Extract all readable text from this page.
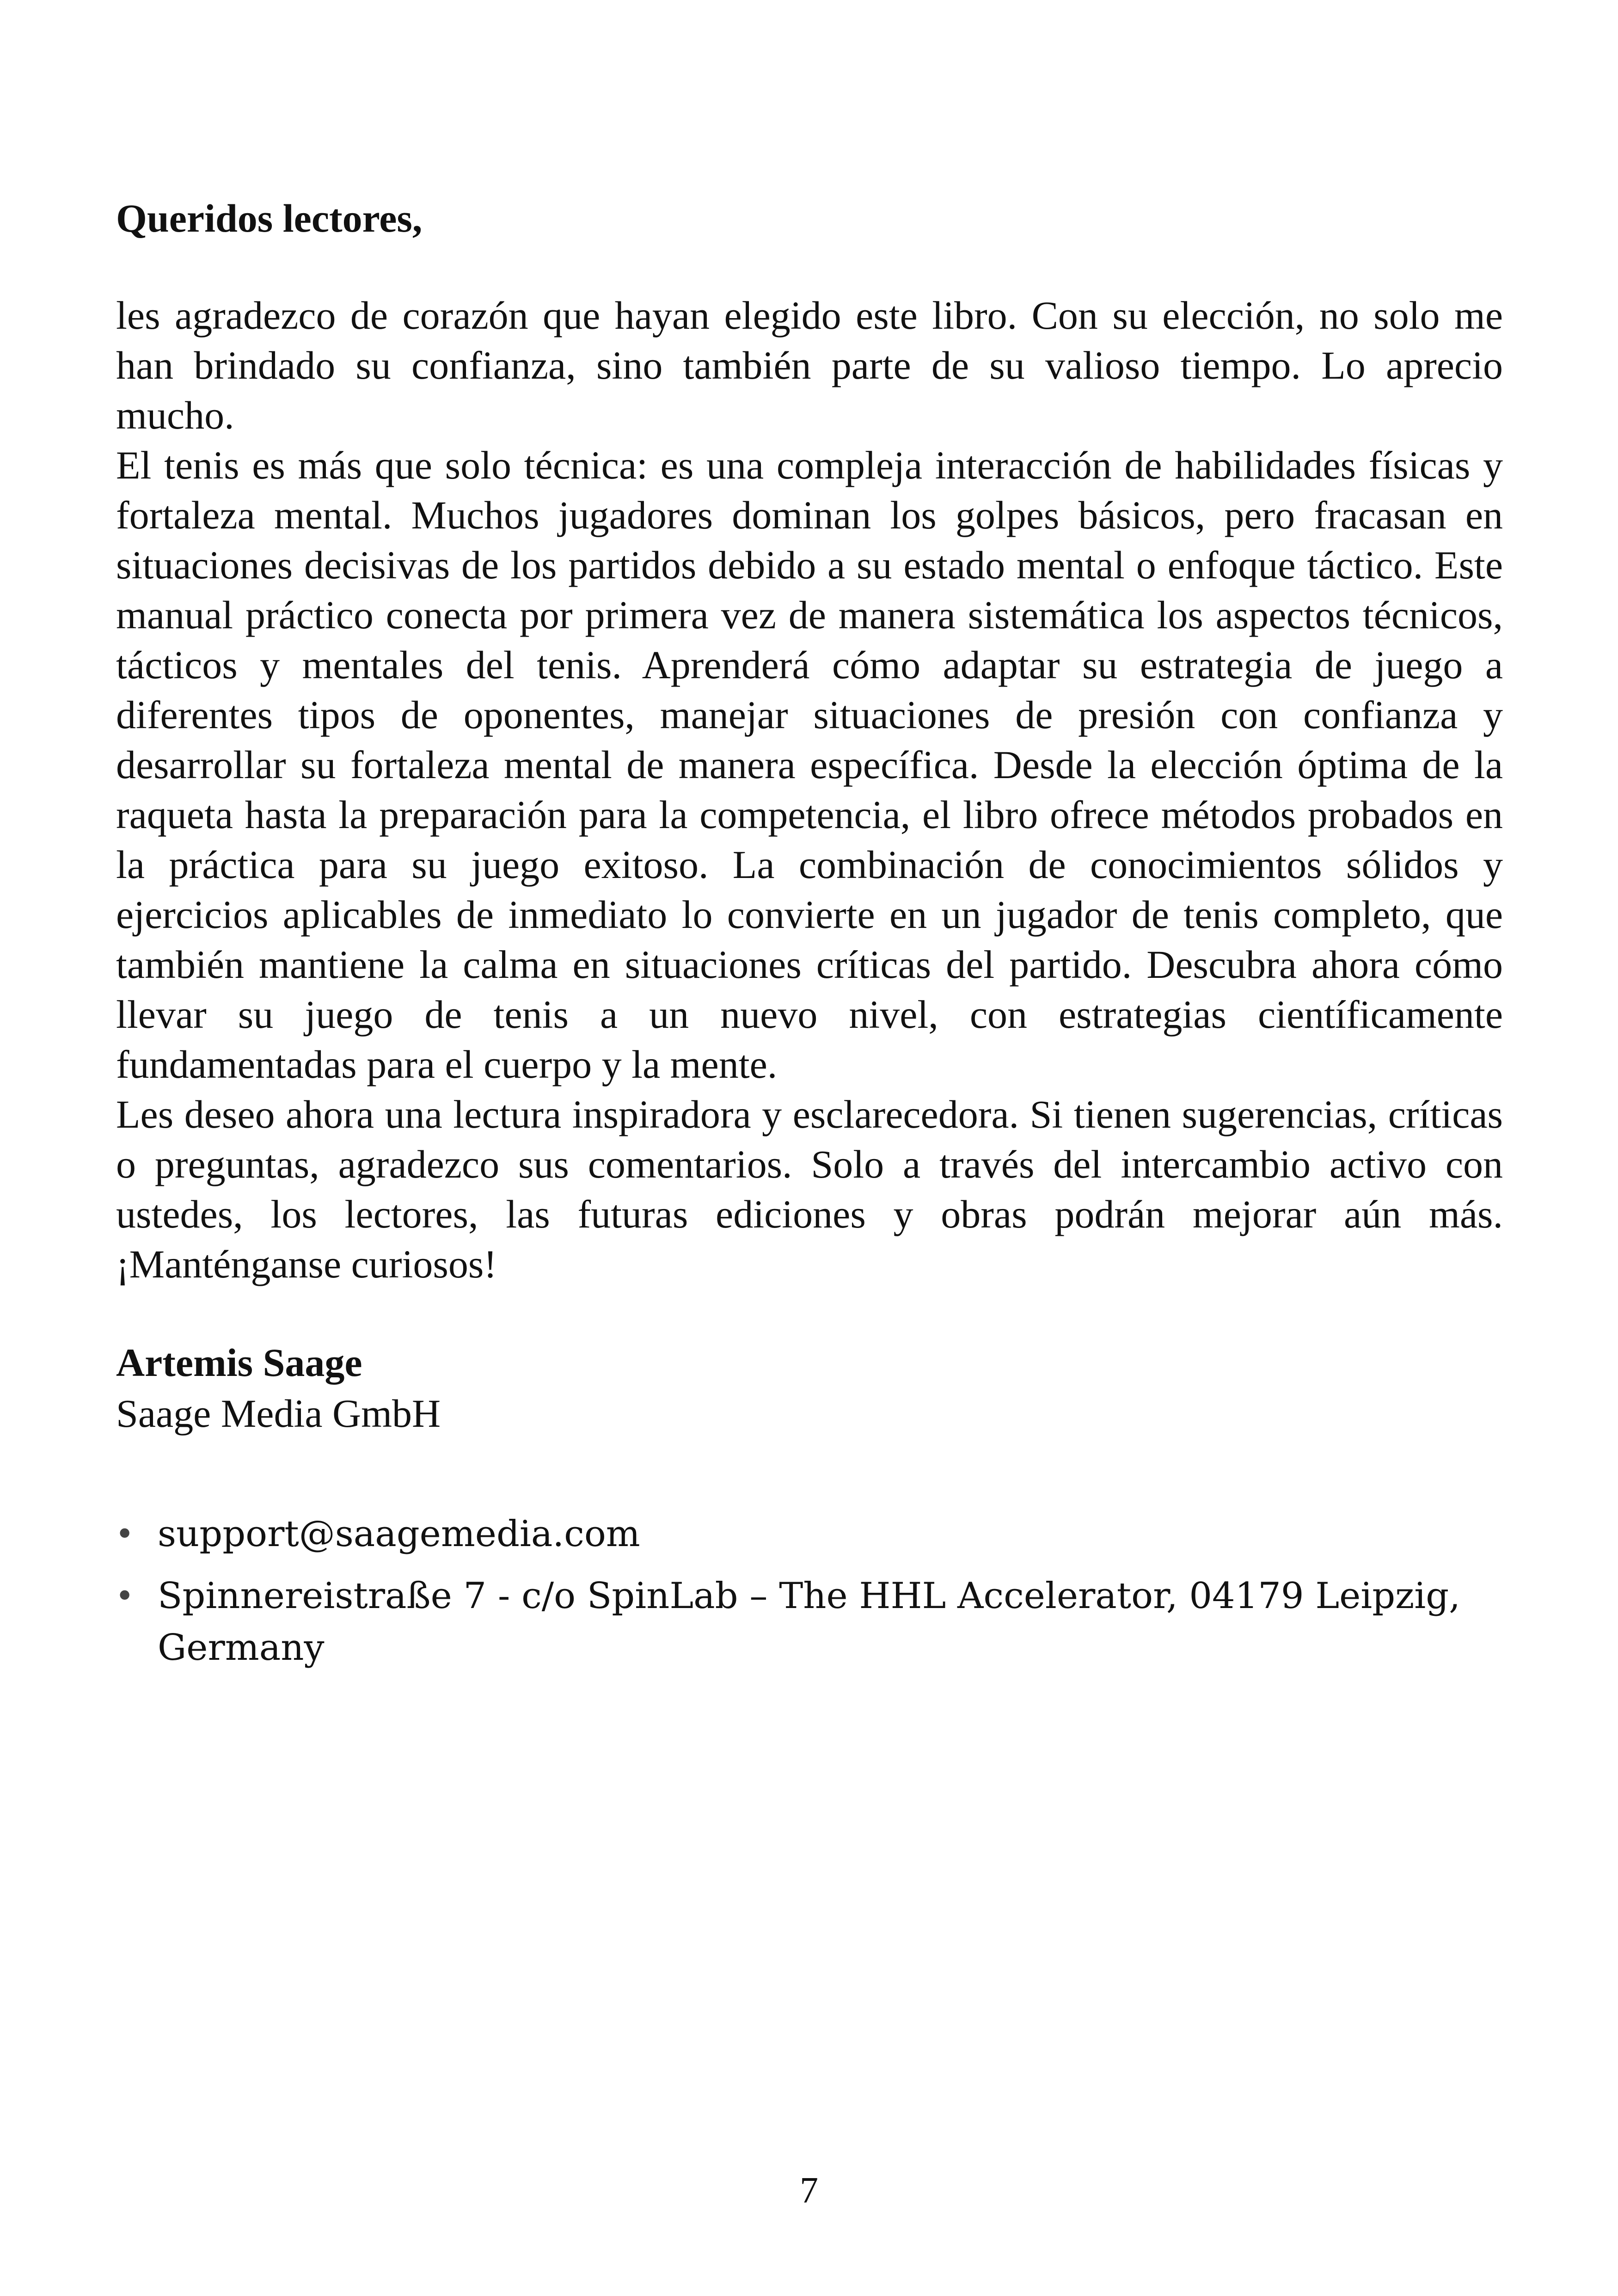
Queridos lectores,

les agradezco de corazón que hayan elegido este libro. Con su elección, no solo me han brindado su confianza, sino también parte de su valioso tiempo. Lo aprecio mucho.

El tenis es más que solo técnica: es una compleja interacción de habilidades físicas y fortaleza mental. Muchos jugadores dominan los golpes básicos, pero fracasan en situaciones decisivas de los partidos debido a su estado mental o enfoque táctico. Este manual práctico conecta por primera vez de manera sistemática los aspectos técnicos, tácticos y mentales del tenis. Aprenderá cómo adaptar su estrategia de juego a diferentes tipos de oponentes, manejar situaciones de presión con confianza y desarrollar su fortaleza mental de manera específica. Desde la elección óptima de la raqueta hasta la preparación para la competencia, el libro ofrece métodos probados en la práctica para su juego exitoso. La combinación de conocimientos sólidos y ejercicios aplicables de inmediato lo convierte en un jugador de tenis completo, que también mantiene la calma en situaciones críticas del partido. Descubra ahora cómo llevar su juego de tenis a un nuevo nivel, con estrategias científicamente fundamentadas para el cuerpo y la mente.

Les deseo ahora una lectura inspiradora y esclarecedora. Si tienen sugerencias, críticas o preguntas, agradezco sus comentarios. Solo a través del intercambio activo con ustedes, los lectores, las futuras ediciones y obras podrán mejorar aún más. ¡Manténganse curiosos!

Artemis Saage
Saage Media GmbH
• support@saagemedia.com
• Spinnereistraße 7 - c/o SpinLab – The HHL Accelerator, 04179 Leipzig, Germany
7
